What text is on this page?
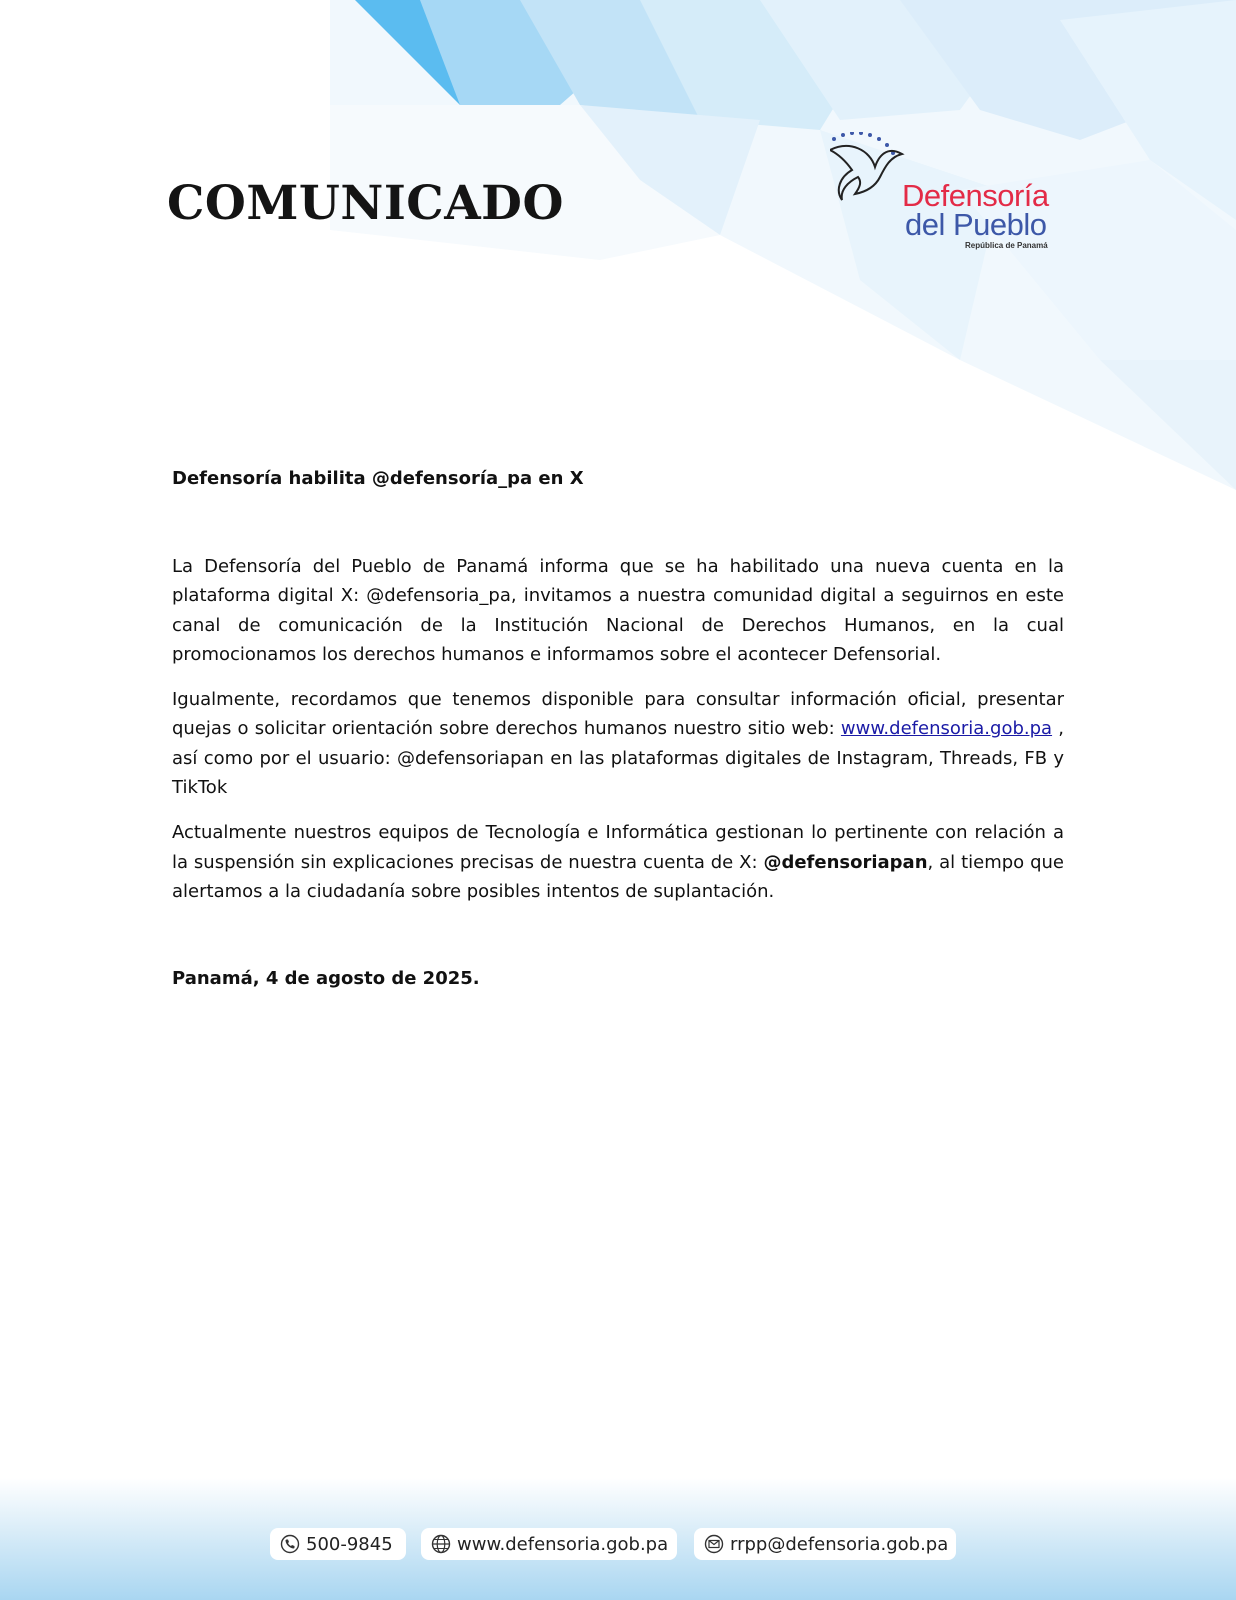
COMUNICADO	Defensoría
del Pueblo
República de Panamá

Defensoría habilita @defensoría_pa en X

La Defensoría del Pueblo de Panamá informa que se ha habilitado una nueva cuenta en la plataforma digital X: @defensoria_pa, invitamos a nuestra comunidad digital a seguirnos en este canal de comunicación de la Institución Nacional de Derechos Humanos, en la cual promocionamos los derechos humanos e informamos sobre el acontecer Defensorial.

Igualmente, recordamos que tenemos disponible para consultar información oficial, presentar quejas o solicitar orientación sobre derechos humanos nuestro sitio web: www.defensoria.gob.pa , así como por el usuario: @defensoriapan en las plataformas digitales de Instagram, Threads, FB y TikTok

Actualmente nuestros equipos de Tecnología e Informática gestionan lo pertinente con relación a la suspensión sin explicaciones precisas de nuestra cuenta de X: @defensoriapan, al tiempo que alertamos a la ciudadanía sobre posibles intentos de suplantación.

Panamá, 4 de agosto de 2025.

500-9845	www.defensoria.gob.pa	rrpp@defensoria.gob.pa
